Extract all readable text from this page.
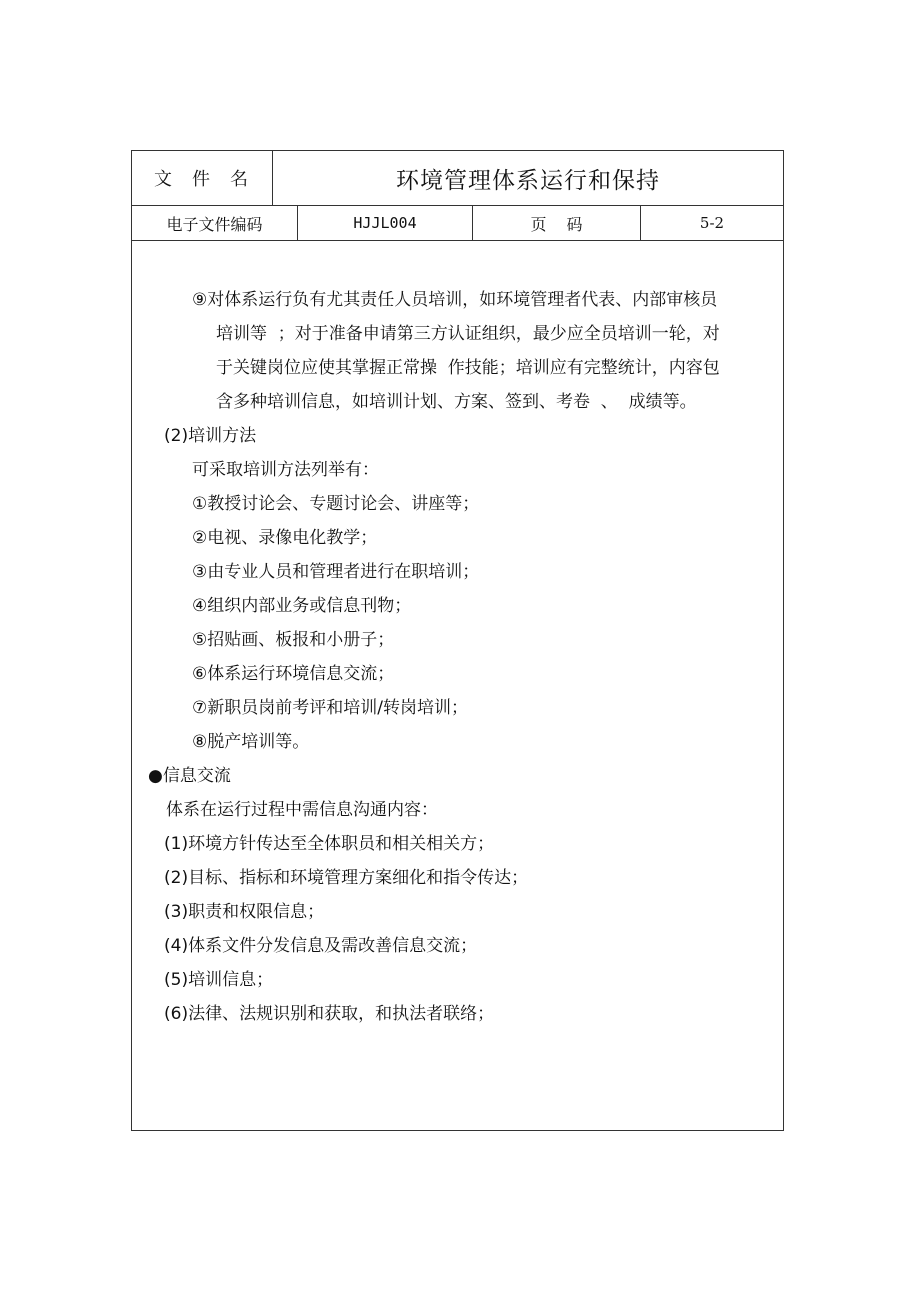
文件名	环境管理体系运行和保持
电子文件编码	HJJL004	页码	5-2
⑨对体系运行负有尤其责任人员培训，如环境管理者代表、内部审核员
培训等  ；对于准备申请第三方认证组织，最少应全员培训一轮，对
于关键岗位应使其掌握正常操  作技能；培训应有完整统计，内容包
含多种培训信息，如培训计划、方案、签到、考卷  、  成绩等。
(2)培训方法
可采取培训方法列举有：
①教授讨论会、专题讨论会、讲座等；
②电视、录像电化教学；
③由专业人员和管理者进行在职培训；
④组织内部业务或信息刊物；
⑤招贴画、板报和小册子；
⑥体系运行环境信息交流；
⑦新职员岗前考评和培训/转岗培训；
⑧脱产培训等。
●信息交流
体系在运行过程中需信息沟通内容：
(1)环境方针传达至全体职员和相关相关方；
(2)目标、指标和环境管理方案细化和指令传达；
(3)职责和权限信息；
(4)体系文件分发信息及需改善信息交流；
(5)培训信息；
(6)法律、法规识别和获取，和执法者联络；
